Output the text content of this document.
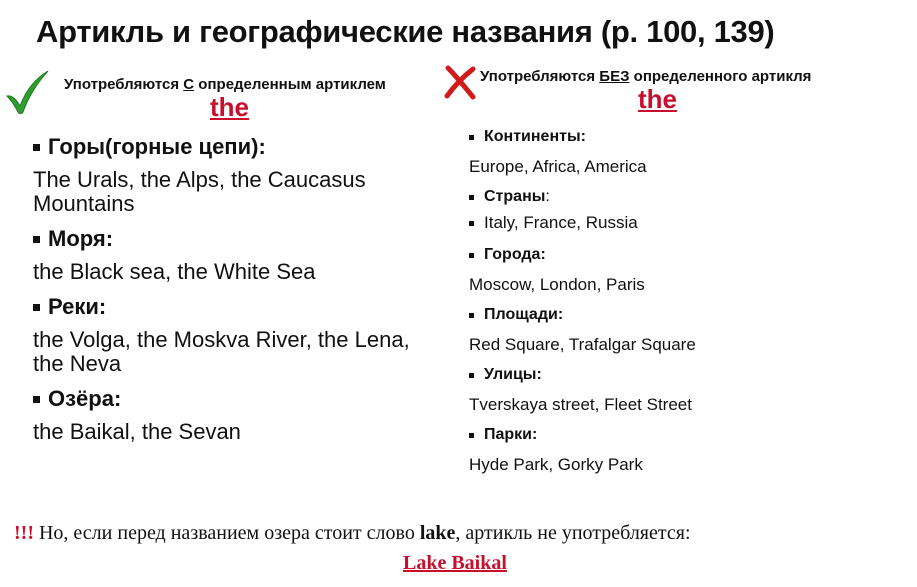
Артикль и географические названия (р. 100, 139)
Употребляются С определенным артиклем
the
Употребляются БЕЗ определенного артикля
the
Горы(горные цепи):
The Urals, the Alps, the Caucasus Mountains
Моря:
the Black sea, the White Sea
Реки:
the Volga, the Moskva River, the Lena, the Neva
Озёра:
the Baikal, the Sevan
Континенты:
Europe, Africa, America
Страны :
Italy, France, Russia
Города:
Moscow, London, Paris
Площади:
Red Square, Trafalgar Square
Улицы:
Tverskaya street, Fleet Street
Парки:
Hyde Park, Gorky Park
!!! Но, если перед названием озера стоит слово lake, артикль не употребляется:
Lake Baikal
